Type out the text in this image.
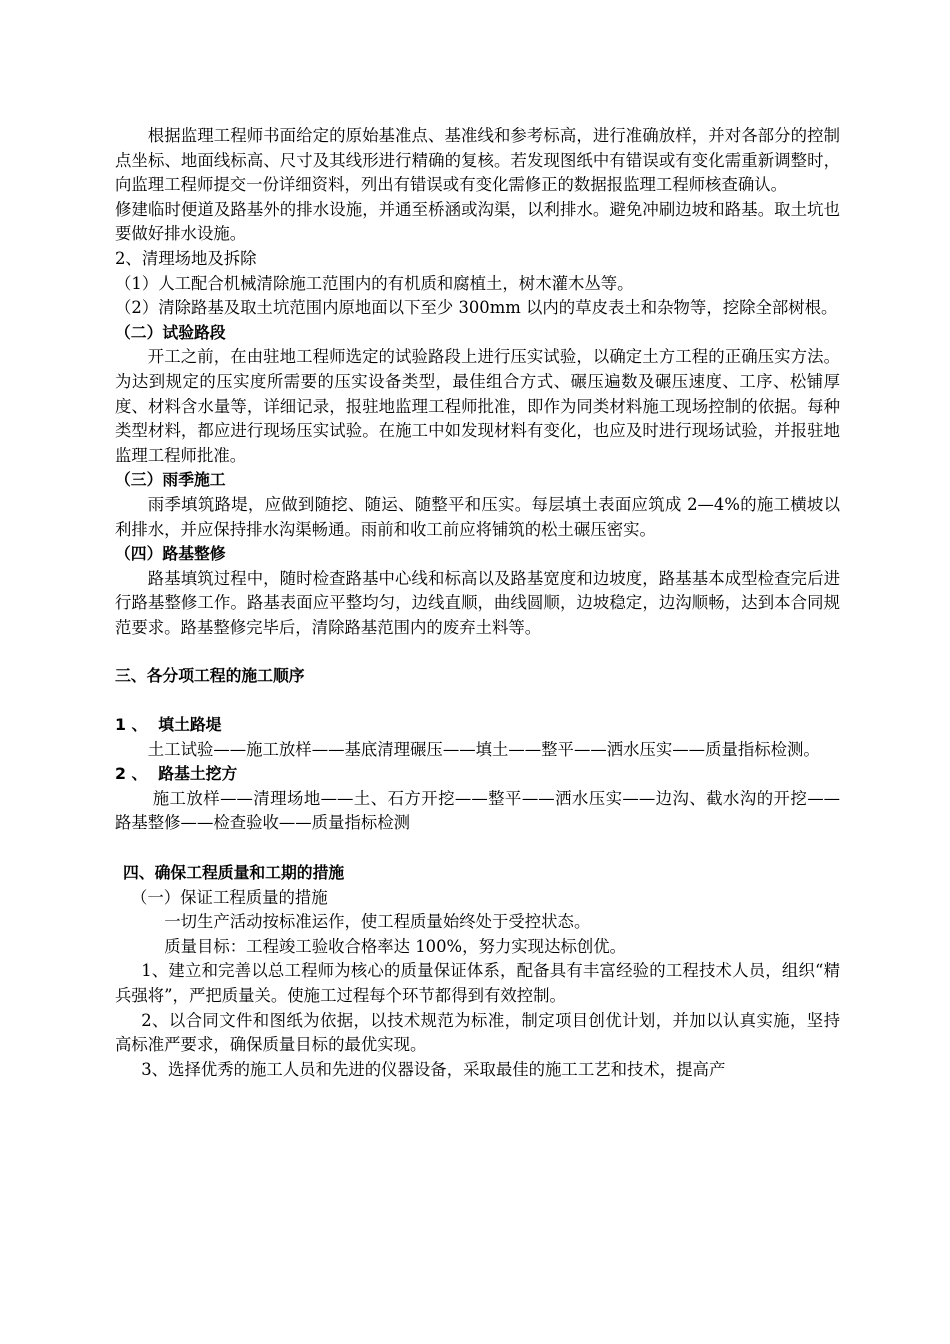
根据监理工程师书面给定的原始基准点、基准线和参考标高，进行准确放样，并对各部分的控制点坐标、地面线标高、尺寸及其线形进行精确的复核。若发现图纸中有错误或有变化需重新调整时，向监理工程师提交一份详细资料，列出有错误或有变化需修正的数据报监理工程师核查确认。

修建临时便道及路基外的排水设施，并通至桥涵或沟渠，以利排水。避免冲刷边坡和路基。取土坑也要做好排水设施。

2、清理场地及拆除

（1）人工配合机械清除施工范围内的有机质和腐植土，树木灌木丛等。

（2）清除路基及取土坑范围内原地面以下至少 300mm 以内的草皮表土和杂物等，挖除全部树根。

（二）试验路段

开工之前，在由驻地工程师选定的试验路段上进行压实试验，以确定土方工程的正确压实方法。为达到规定的压实度所需要的压实设备类型，最佳组合方式、碾压遍数及碾压速度、工序、松铺厚度、材料含水量等，详细记录，报驻地监理工程师批准，即作为同类材料施工现场控制的依据。每种类型材料，都应进行现场压实试验。在施工中如发现材料有变化，也应及时进行现场试验，并报驻地监理工程师批准。

（三）雨季施工

雨季填筑路堤，应做到随挖、随运、随整平和压实。每层填土表面应筑成 2—4%的施工横坡以利排水，并应保持排水沟渠畅通。雨前和收工前应将铺筑的松土碾压密实。

（四）路基整修

路基填筑过程中，随时检查路基中心线和标高以及路基宽度和边坡度，路基基本成型检查完后进行路基整修工作。路基表面应平整均匀，边线直顺，曲线圆顺，边坡稳定，边沟顺畅，达到本合同规范要求。路基整修完毕后，清除路基范围内的废弃土料等。

三、各分项工程的施工顺序

1 、  填土路堤

土工试验——施工放样——基底清理碾压——填土——整平——洒水压实——质量指标检测。

2 、  路基土挖方

施工放样——清理场地——土、石方开挖——整平——洒水压实——边沟、截水沟的开挖——路基整修——检查验收——质量指标检测

四、确保工程质量和工期的措施

（一）保证工程质量的措施

一切生产活动按标准运作，使工程质量始终处于受控状态。

质量目标：工程竣工验收合格率达 100%，努力实现达标创优。

1、建立和完善以总工程师为核心的质量保证体系，配备具有丰富经验的工程技术人员，组织“精兵强将”，严把质量关。使施工过程每个环节都得到有效控制。

2、以合同文件和图纸为依据，以技术规范为标准，制定项目创优计划，并加以认真实施，坚持高标准严要求，确保质量目标的最优实现。

3、选择优秀的施工人员和先进的仪器设备，采取最佳的施工工艺和技术，提高产
